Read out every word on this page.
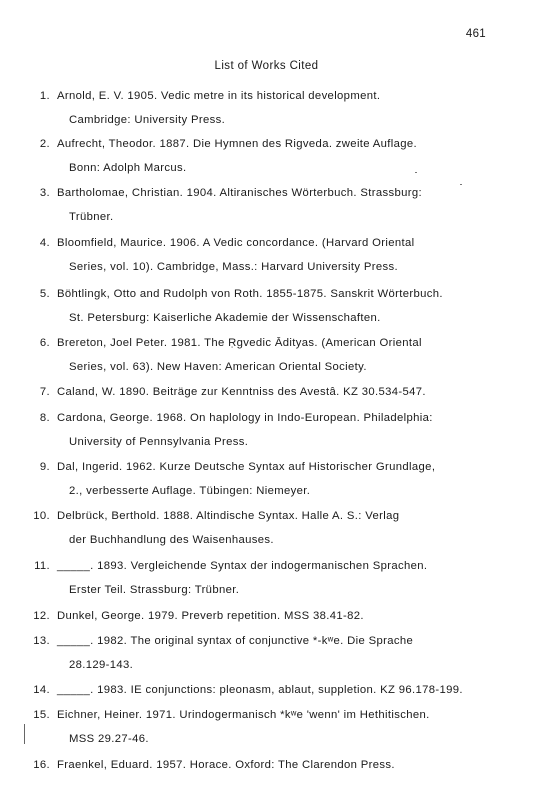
461
List of Works Cited
1. Arnold, E. V. 1905. Vedic metre in its historical development.
Cambridge: University Press.
2. Aufrecht, Theodor. 1887. Die Hymnen des Rigveda. zweite Auflage.
Bonn: Adolph Marcus.
3. Bartholomae, Christian. 1904. Altiranisches Wörterbuch. Strassburg:
Trübner.
4. Bloomfield, Maurice. 1906. A Vedic concordance. (Harvard Oriental
Series, vol. 10). Cambridge, Mass.: Harvard University Press.
5. Böhtlingk, Otto and Rudolph von Roth. 1855-1875. Sanskrit Wörterbuch.
St. Petersburg: Kaiserliche Akademie der Wissenschaften.
6. Brereton, Joel Peter. 1981. The Ṛgvedic Ādityas. (American Oriental
Series, vol. 63). New Haven: American Oriental Society.
7. Caland, W. 1890. Beiträge zur Kenntniss des Avestâ. KZ 30.534-547.
8. Cardona, George. 1968. On haplology in Indo-European. Philadelphia:
University of Pennsylvania Press.
9. Dal, Ingerid. 1962. Kurze Deutsche Syntax auf Historischer Grundlage,
2., verbesserte Auflage. Tübingen: Niemeyer.
10. Delbrück, Berthold. 1888. Altindische Syntax. Halle A. S.: Verlag
der Buchhandlung des Waisenhauses.
11. _____. 1893. Vergleichende Syntax der indogermanischen Sprachen.
Erster Teil. Strassburg: Trübner.
12. Dunkel, George. 1979. Preverb repetition. MSS 38.41-82.
13. _____. 1982. The original syntax of conjunctive *-kʷe. Die Sprache
28.129-143.
14. _____. 1983. IE conjunctions: pleonasm, ablaut, suppletion. KZ 96.178-199.
15. Eichner, Heiner. 1971. Urindogermanisch *kʷe 'wenn' im Hethitischen.
MSS 29.27-46.
16. Fraenkel, Eduard. 1957. Horace. Oxford: The Clarendon Press.
